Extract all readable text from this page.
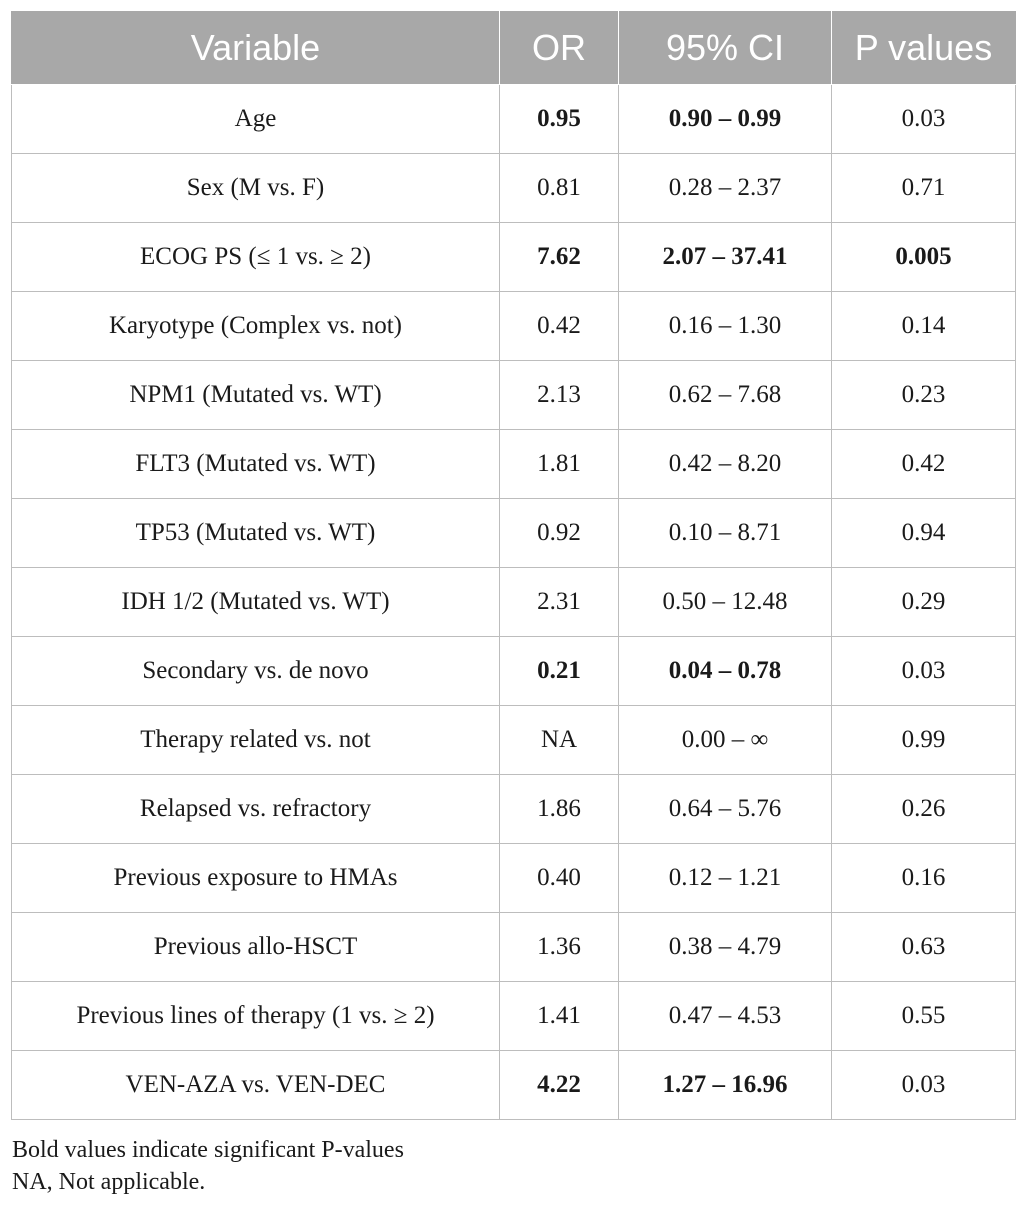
Variable	OR	95% CI	P values
Age	0.95	0.90 – 0.99	0.03
Sex (M vs. F)	0.81	0.28 – 2.37	0.71
ECOG PS (≤ 1 vs. ≥ 2)	7.62	2.07 – 37.41	0.005
Karyotype (Complex vs. not)	0.42	0.16 – 1.30	0.14
NPM1 (Mutated vs. WT)	2.13	0.62 – 7.68	0.23
FLT3 (Mutated vs. WT)	1.81	0.42 – 8.20	0.42
TP53 (Mutated vs. WT)	0.92	0.10 – 8.71	0.94
IDH 1/2 (Mutated vs. WT)	2.31	0.50 – 12.48	0.29
Secondary vs. de novo	0.21	0.04 – 0.78	0.03
Therapy related vs. not	NA	0.00 – ∞	0.99
Relapsed vs. refractory	1.86	0.64 – 5.76	0.26
Previous exposure to HMAs	0.40	0.12 – 1.21	0.16
Previous allo-HSCT	1.36	0.38 – 4.79	0.63
Previous lines of therapy (1 vs. ≥ 2)	1.41	0.47 – 4.53	0.55
VEN-AZA vs. VEN-DEC	4.22	1.27 – 16.96	0.03
Bold values indicate significant P-values
NA, Not applicable.
